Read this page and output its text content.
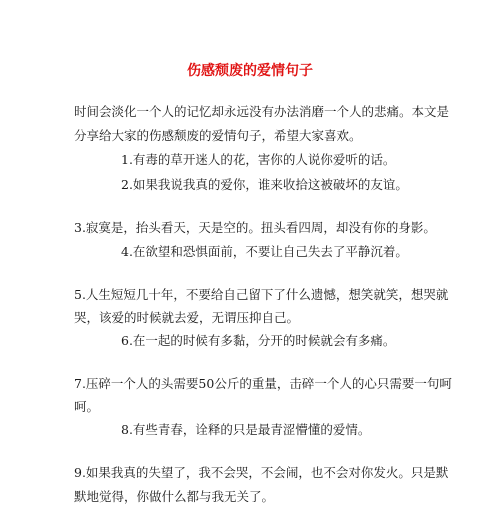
伤感颓废的爱情句子
时间会淡化一个人的记忆却永远没有办法消磨一个人的悲痛。本文是
分享给大家的伤感颓废的爱情句子，希望大家喜欢。
1.有毒的草开迷人的花，害你的人说你爱听的话。
2.如果我说我真的爱你，谁来收拾这被破坏的友谊。
3.寂寞是，抬头看天，天是空的。扭头看四周，却没有你的身影。
4.在欲望和恐惧面前，不要让自己失去了平静沉着。
5.人生短短几十年，不要给自己留下了什么遗憾，想笑就笑，想哭就
哭，该爱的时候就去爱，无谓压抑自己。
6.在一起的时候有多黏，分开的时候就会有多痛。
7.压碎一个人的头需要50公斤的重量，击碎一个人的心只需要一句呵
呵。
8.有些青春，诠释的只是最青涩懵懂的爱情。
9.如果我真的失望了，我不会哭，不会闹，也不会对你发火。只是默
默地觉得，你做什么都与我无关了。
